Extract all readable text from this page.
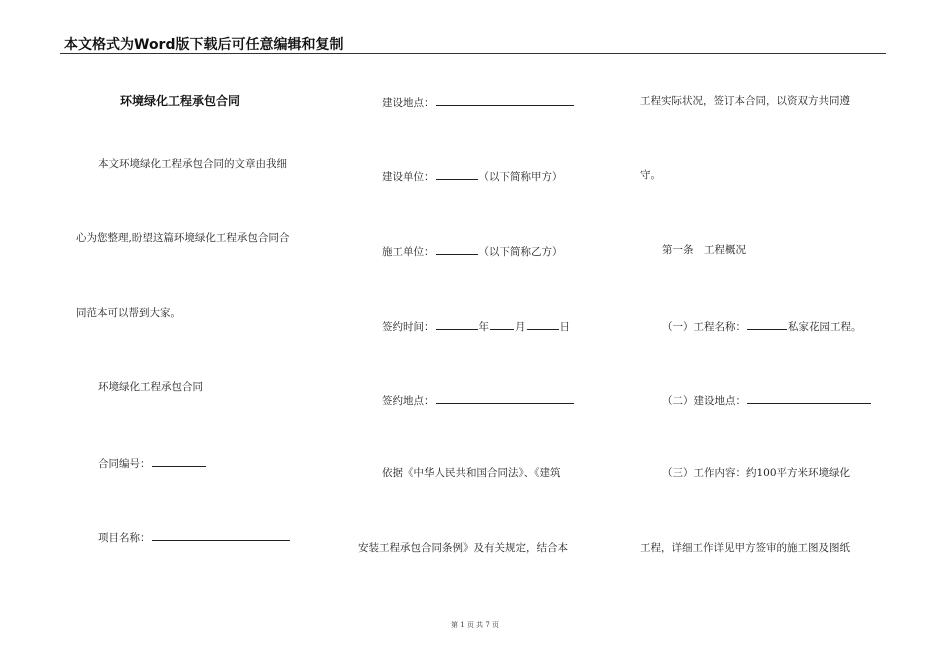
本文格式为Word版下载后可任意编辑和复制
环境绿化工程承包合同
本文环境绿化工程承包合同的文章由我细
心为您整理,盼望这篇环境绿化工程承包合同合
同范本可以帮到大家。
环境绿化工程承包合同
合同编号：
项目名称：
建设地点：
建设单位：	（以下简称甲方）
施工单位：	（以下简称乙方）
签约时间：	年 月	日
签约地点：
依据《中华人民共和国合同法》、《建筑
安装工程承包合同条例》及有关规定，结合本
工程实际状况，签订本合同，以资双方共同遵
守。
第一条　工程概况
（一）工程名称：	私家花园工程。
（二）建设地点：
（三）工作内容：约100平方米环境绿化
工程，详细工作详见甲方签审的施工图及图纸
第 1 页 共 7 页
